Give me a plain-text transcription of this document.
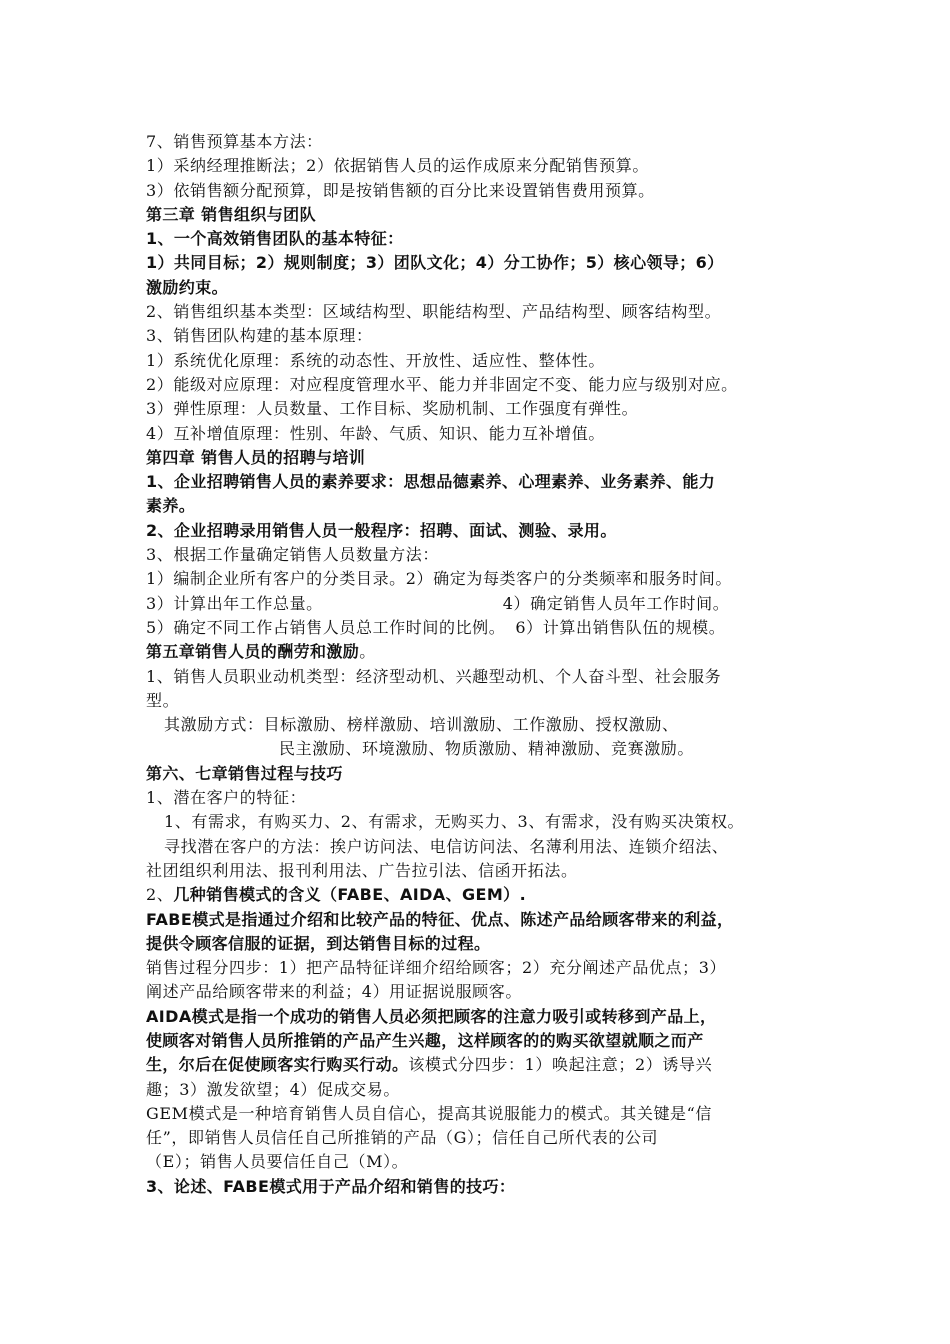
7、销售预算基本方法：
1）采纳经理推断法；2）依据销售人员的运作成原来分配销售预算。
3）依销售额分配预算，即是按销售额的百分比来设置销售费用预算。
第三章 销售组织与团队
1、一个高效销售团队的基本特征：
1）共同目标；2）规则制度；3）团队文化；4）分工协作；5）核心领导；6）
激励约束。
2、销售组织基本类型：区域结构型、职能结构型、产品结构型、顾客结构型。
3、销售团队构建的基本原理：
1）系统优化原理：系统的动态性、开放性、适应性、整体性。
2）能级对应原理：对应程度管理水平、能力并非固定不变、能力应与级别对应。
3）弹性原理：人员数量、工作目标、奖励机制、工作强度有弹性。
4）互补增值原理：性别、年龄、气质、知识、能力互补增值。
第四章 销售人员的招聘与培训
1、企业招聘销售人员的素养要求：思想品德素养、心理素养、业务素养、能力
素养。
2、企业招聘录用销售人员一般程序：招聘、面试、测验、录用。
3、根据工作量确定销售人员数量方法：
1）编制企业所有客户的分类目录。2）确定为每类客户的分类频率和服务时间。
3）计算出年工作总量。	4）确定销售人员年工作时间。
5）确定不同工作占销售人员总工作时间的比例。 6）计算出销售队伍的规模。
第五章销售人员的酬劳和激励。
1、销售人员职业动机类型：经济型动机、兴趣型动机、个人奋斗型、社会服务
型。
其激励方式：目标激励、榜样激励、培训激励、工作激励、授权激励、
民主激励、环境激励、物质激励、精神激励、竞赛激励。
第六、七章销售过程与技巧
1、潜在客户的特征：
1、有需求，有购买力、2、有需求，无购买力、3、有需求，没有购买决策权。
寻找潜在客户的方法：挨户访问法、电信访问法、名薄利用法、连锁介绍法、
社团组织利用法、报刊利用法、广告拉引法、信函开拓法。
2、几种销售模式的含义（FABE、AIDA、GEM）.
FABE模式是指通过介绍和比较产品的特征、优点、陈述产品给顾客带来的利益，
提供令顾客信服的证据，到达销售目标的过程。
销售过程分四步：1）把产品特征详细介绍给顾客；2）充分阐述产品优点；3）
阐述产品给顾客带来的利益；4）用证据说服顾客。
AIDA模式是指一个成功的销售人员必须把顾客的注意力吸引或转移到产品上，
使顾客对销售人员所推销的产品产生兴趣，这样顾客的的购买欲望就顺之而产
生，尔后在促使顾客实行购买行动。该模式分四步：1）唤起注意；2）诱导兴
趣；3）激发欲望；4）促成交易。
GEM模式是一种培育销售人员自信心，提高其说服能力的模式。其关键是“信
任”，即销售人员信任自己所推销的产品（G）；信任自己所代表的公司
（E）；销售人员要信任自己（M）。
3、论述、FABE模式用于产品介绍和销售的技巧：
